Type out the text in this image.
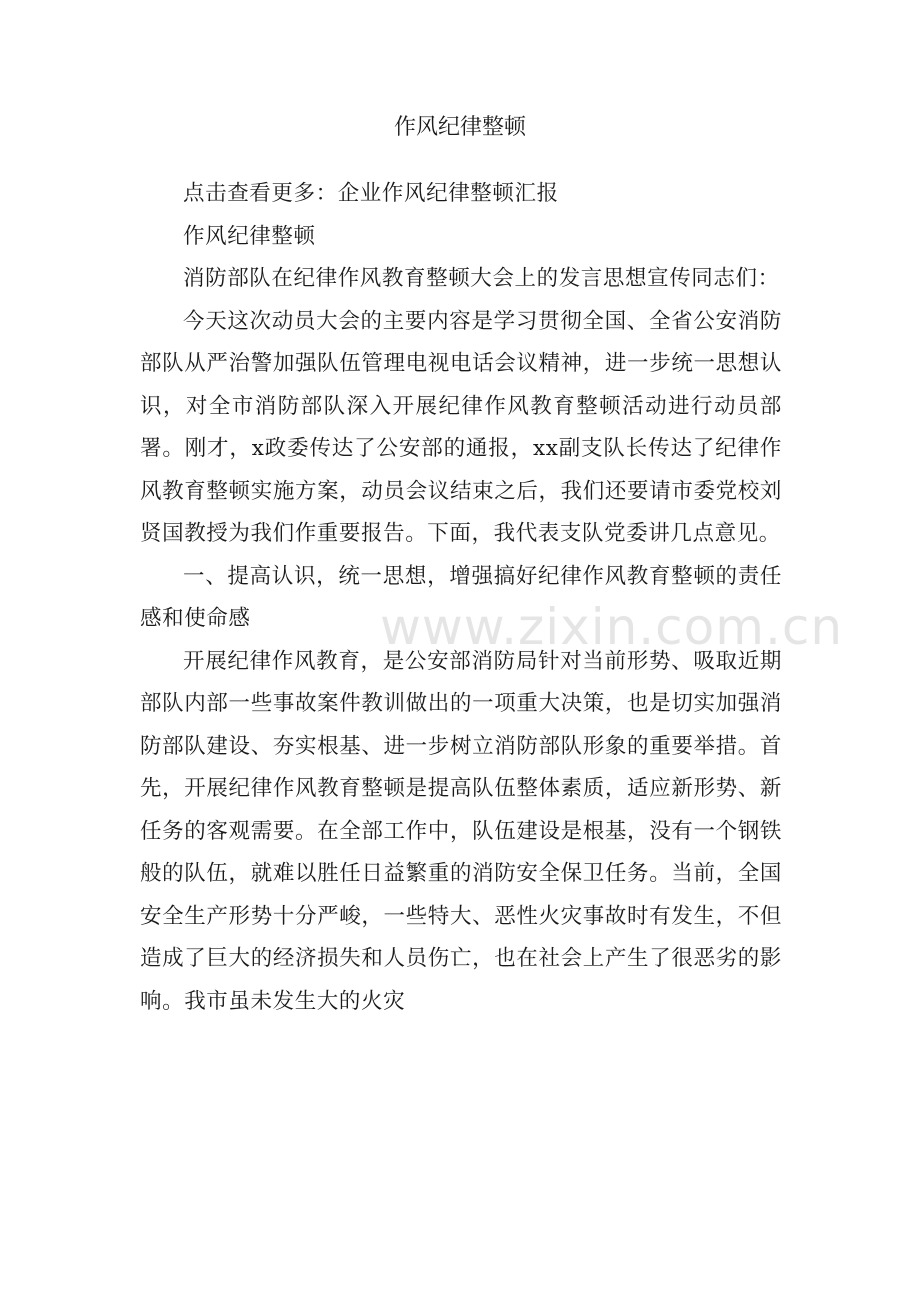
作风纪律整顿

点击查看更多：企业作风纪律整顿汇报

作风纪律整顿

消防部队在纪律作风教育整顿大会上的发言思想宣传同志们：

今天这次动员大会的主要内容是学习贯彻全国、全省公安消防部队从严治警加强队伍管理电视电话会议精神，进一步统一思想认识，对全市消防部队深入开展纪律作风教育整顿活动进行动员部署。刚才，x政委传达了公安部的通报，xx副支队长传达了纪律作风教育整顿实施方案，动员会议结束之后，我们还要请市委党校刘贤国教授为我们作重要报告。下面，我代表支队党委讲几点意见。

一、提高认识，统一思想，增强搞好纪律作风教育整顿的责任感和使命感

开展纪律作风教育，是公安部消防局针对当前形势、吸取近期部队内部一些事故案件教训做出的一项重大决策，也是切实加强消防部队建设、夯实根基、进一步树立消防部队形象的重要举措。首先，开展纪律作风教育整顿是提高队伍整体素质，适应新形势、新任务的客观需要。在全部工作中，队伍建设是根基，没有一个钢铁般的队伍，就难以胜任日益繁重的消防安全保卫任务。当前，全国安全生产形势十分严峻，一些特大、恶性火灾事故时有发生，不但造成了巨大的经济损失和人员伤亡，也在社会上产生了很恶劣的影响。我市虽未发生大的火灾

www.zixin.com.cn
